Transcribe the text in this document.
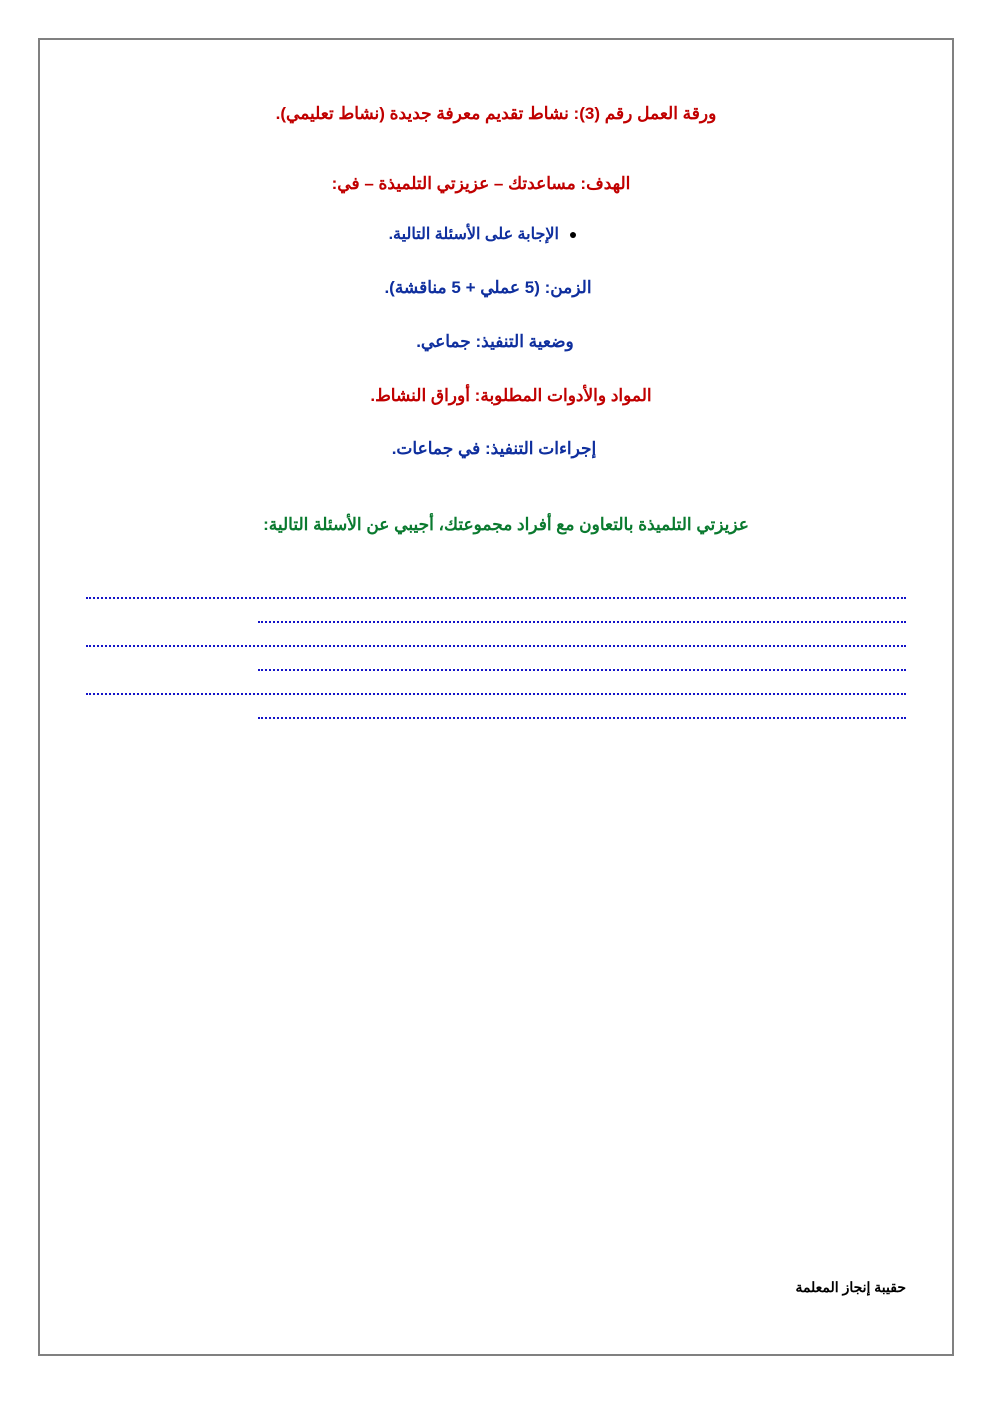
ورقة العمل رقم (3): نشاط تقديم معرفة جديدة (نشاط تعليمي).
الهدف: مساعدتك – عزيزتي التلميذة – في:
●
الإجابة على الأسئلة التالية.
الزمن: (5 عملي + 5 مناقشة).
وضعية التنفيذ: جماعي.
المواد والأدوات المطلوبة: أوراق النشاط.
إجراءات التنفيذ: في جماعات.
عزيزتي التلميذة بالتعاون مع أفراد مجموعتك، أجيبي عن الأسئلة التالية:
حقيبة إنجاز المعلمة
